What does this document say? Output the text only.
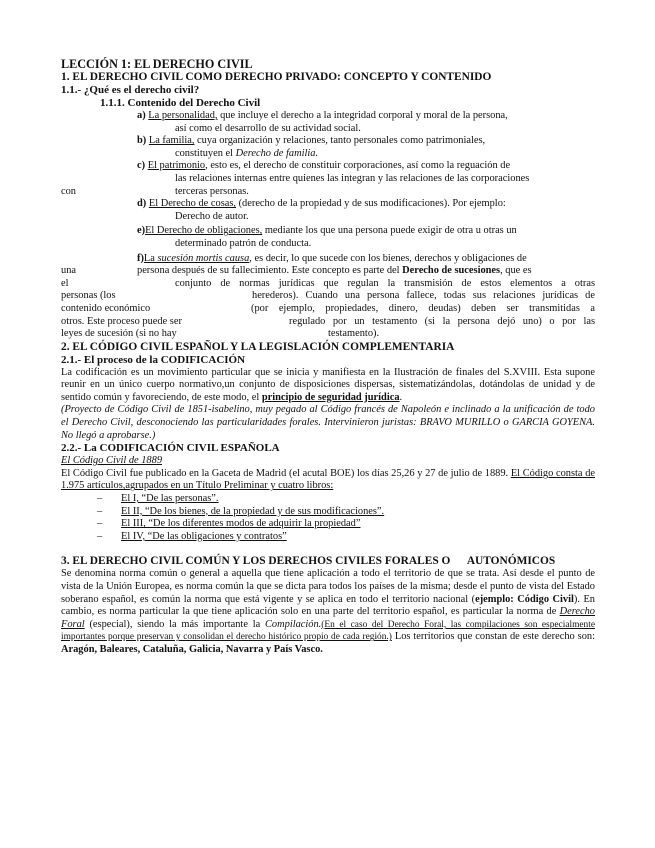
LECCIÓN 1: EL DERECHO CIVIL
1. EL DERECHO CIVIL COMO DERECHO PRIVADO: CONCEPTO Y CONTENIDO
1.1.- ¿Qué es el derecho civil?
1.1.1. Contenido del Derecho Civil
a) La personalidad, que incluye el derecho a la integridad corporal y moral de la persona,
así como el desarrollo de su actividad social.
b) La familia, cuya organización y relaciones, tanto personales como patrimoniales,
constituyen el Derecho de familia.
c) El patrimonio, esto es, el derecho de constituir corporaciones, así como la reguación de
las relaciones internas entre quienes las integran y las relaciones de las corporaciones
con	terceras personas.
d) El Derecho de cosas, (derecho de la propiedad y de sus modificaciones). Por ejemplo:
Derecho de autor.
e)El Derecho de obligaciones, mediante los que una persona puede exigir de otra u otras un
determinado patrón de conducta.
f)La sucesión mortis causa, es decir, lo que sucede con los bienes, derechos y obligaciones de
una	persona después de su fallecimiento. Este concepto es parte del Derecho de sucesiones, que es
el	conjunto de normas jurídicas que regulan la transmisión de estos elementos a otras
personas (los	herederos). Cuando una persona fallece, todas sus relaciones jurídicas de
contenido económico	(por ejemplo, propiedades, dinero, deudas) deben ser transmitidas a
otros. Este proceso puede ser	regulado por un testamento (si la persona dejó uno) o por las
leyes de sucesión (si no hay	testamento).
2. EL CÓDIGO CIVIL ESPAÑOL Y LA LEGISLACIÓN COMPLEMENTARIA
2.1.- El proceso de la CODIFICACIÓN
La codificación es un movimiento particular que se inicia y manifiesta en la Ilustración de finales del S.XVIII. Esta supone reunir en un único cuerpo normativo,un conjunto de disposiciones dispersas, sistematizándolas, dotándolas de unidad y de sentido común y favoreciendo, de este modo, el principio de seguridad jurídica.
(Proyecto de Código Civil de 1851-isabelino, muy pegado al Código francés de Napoleón e inclinado a la unificación de todo el Derecho Civil, desconociendo las particularidades forales. Intervinieron juristas: BRAVO MURILLO o GARCIA GOYENA. No llegó a aprobarse.)
2.2.- La CODIFICACIÓN CIVIL ESPAÑOLA
El Código Civil de 1889
El Código Civil fue publicado en la Gaceta de Madrid (el acutal BOE) los días 25,26 y 27 de julio de 1889. El Código consta de 1.975 artículos,agrupados en un Título Preliminar y cuatro libros:
–	El I, “De las personas”.
–	El II, “De los bienes, de la propiedad y de sus modificaciones”.
–	El III, “De los diferentes modos de adquirir la propiedad”
–	El IV, “De las obligaciones y contratos”
3. EL DERECHO CIVIL COMÚN Y LOS DERECHOS CIVILES FORALES O      AUTONÓMICOS
Se denomina norma común o general a aquella que tiene aplicación a todo el territorio de que se trata. Así desde el punto de vista de la Unión Europea, es norma común la que se dicta para todos los países de la misma; desde el punto de vista del Estado soberano español, es común la norma que está vigente y se aplica en todo el territorio nacional (ejemplo: Código Civil). En cambio, es norma particular la que tiene aplicación solo en una parte del territorio español, es particular la norma de Derecho Foral (especial), siendo la más importante la Compilación.(En el caso del Derecho Foral, las compilaciones son especialmente importantes porque preservan y consolidan el derecho histórico propio de cada región.) Los territorios que constan de este derecho son: Aragón, Baleares, Cataluña, Galicia, Navarra y País Vasco.
